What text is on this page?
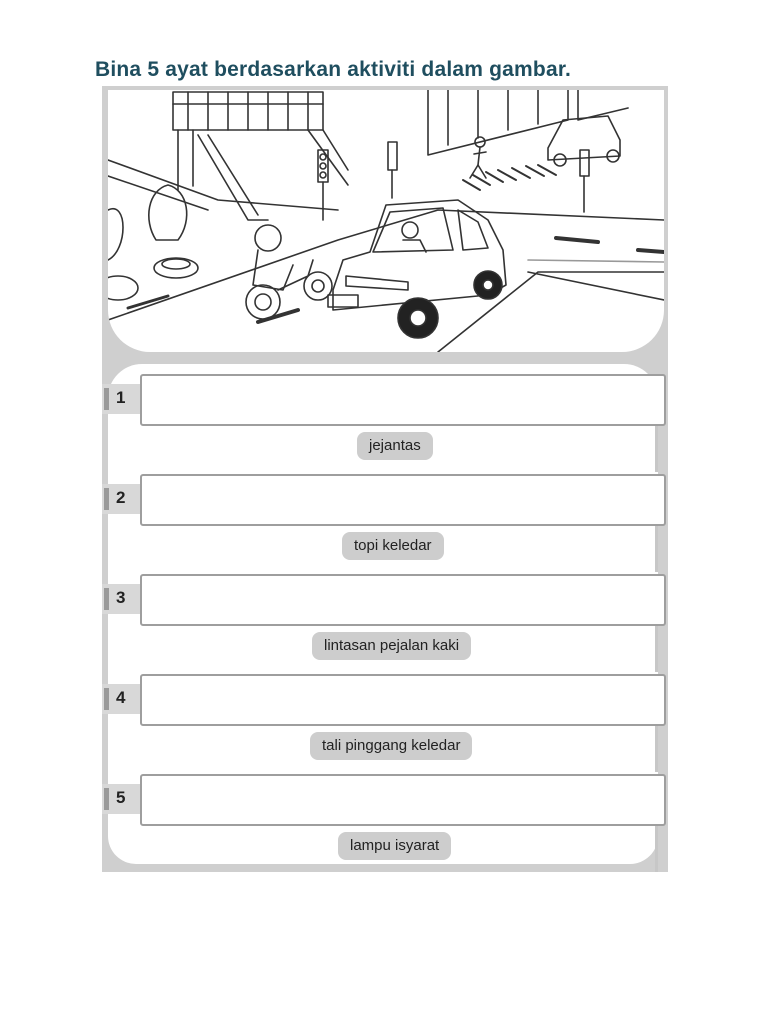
Bina 5 ayat berdasarkan aktiviti dalam gambar.
1
jejantas
2
topi keledar
3
lintasan pejalan kaki
4
tali pinggang keledar
5
lampu isyarat
